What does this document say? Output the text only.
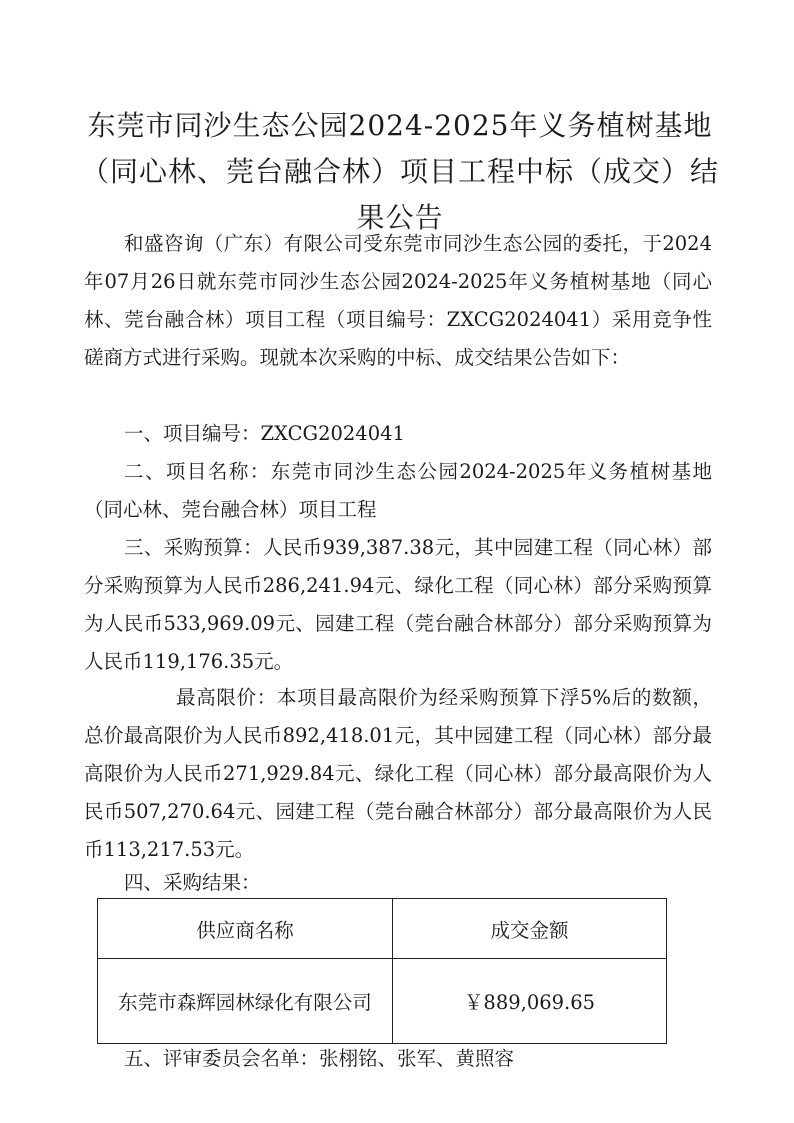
东莞市同沙生态公园2024-2025年义务植树基地（同心林、莞台融合林）项目工程中标（成交）结果公告

和盛咨询（广东）有限公司受东莞市同沙生态公园的委托，于2024年07月26日就东莞市同沙生态公园2024-2025年义务植树基地（同心林、莞台融合林）项目工程（项目编号：ZXCG2024041）采用竞争性磋商方式进行采购。现就本次采购的中标、成交结果公告如下：

一、项目编号：ZXCG2024041

二、项目名称：东莞市同沙生态公园2024-2025年义务植树基地（同心林、莞台融合林）项目工程

三、采购预算：人民币939,387.38元，其中园建工程（同心林）部分采购预算为人民币286,241.94元、绿化工程（同心林）部分采购预算为人民币533,969.09元、园建工程（莞台融合林部分）部分采购预算为人民币119,176.35元。

最高限价：本项目最高限价为经采购预算下浮5%后的数额，总价最高限价为人民币892,418.01元，其中园建工程（同心林）部分最高限价为人民币271,929.84元、绿化工程（同心林）部分最高限价为人民币507,270.64元、园建工程（莞台融合林部分）部分最高限价为人民币113,217.53元。

四、采购结果：

供应商名称	成交金额
东莞市森辉园林绿化有限公司	￥889,069.65

五、评审委员会名单：张栩铭、张军、黄照容
